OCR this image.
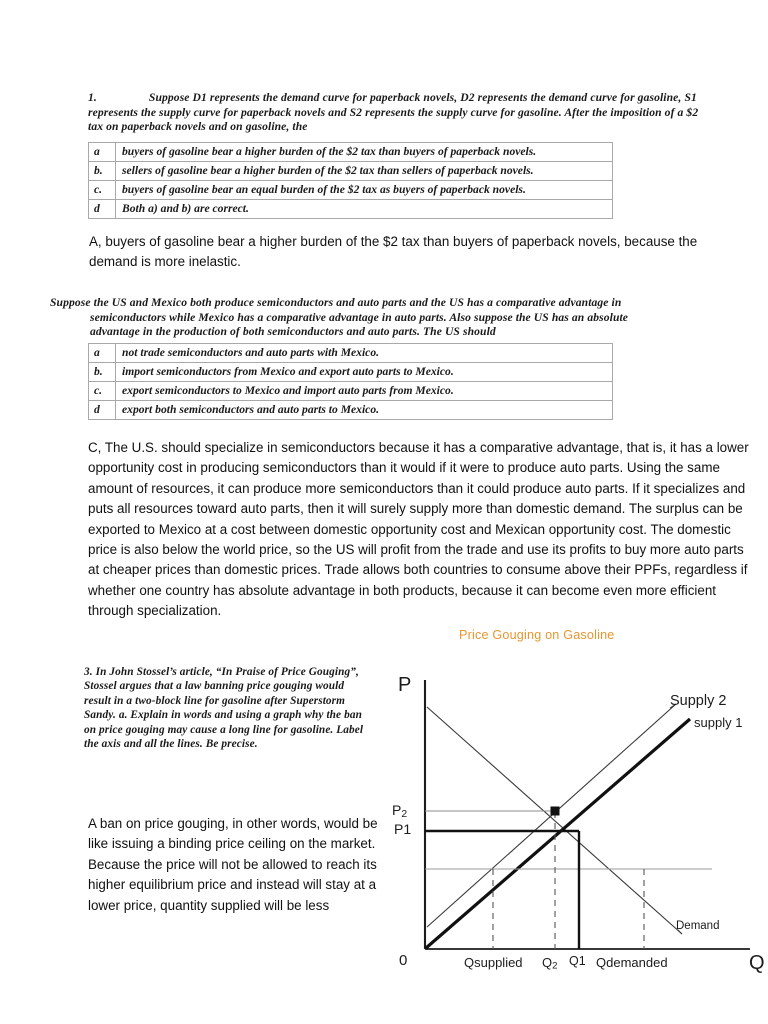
1.	Suppose D1 represents the demand curve for paperback novels, D2 represents the demand curve for gasoline, S1 represents the supply curve for paperback novels and S2 represents the supply curve for gasoline. After the imposition of a $2 tax on paperback novels and on gasoline, the
a	buyers of gasoline bear a higher burden of the $2 tax than buyers of paperback novels.
b.	sellers of gasoline bear a higher burden of the $2 tax than sellers of paperback novels.
c.	buyers of gasoline bear an equal burden of the $2 tax as buyers of paperback novels.
d	Both a) and b) are correct.
A, buyers of gasoline bear a higher burden of the $2 tax than buyers of paperback novels, because the demand is more inelastic.
Suppose the US and Mexico both produce semiconductors and auto parts and the US has a comparative advantage in
semiconductors while Mexico has a comparative advantage in auto parts. Also suppose the US has an absolute
advantage in the production of both semiconductors and auto parts. The US should
a	not trade semiconductors and auto parts with Mexico.
b.	import semiconductors from Mexico and export auto parts to Mexico.
c.	export semiconductors to Mexico and import auto parts from Mexico.
d	export both semiconductors and auto parts to Mexico.
C, The U.S. should specialize in semiconductors because it has a comparative advantage, that is, it has a lower opportunity cost in producing semiconductors than it would if it were to produce auto parts. Using the same amount of resources, it can produce more semiconductors than it could produce auto parts. If it specializes and puts all resources toward auto parts, then it will surely supply more than domestic demand. The surplus can be exported to Mexico at a cost between domestic opportunity cost and Mexican opportunity cost. The domestic price is also below the world price, so the US will profit from the trade and use its profits to buy more auto parts at cheaper prices than domestic prices. Trade allows both countries to consume above their PPFs, regardless if whether one country has absolute advantage in both products, because it can become even more efficient through specialization.
3. In John Stossel’s article, “In Praise of Price Gouging”, Stossel argues that a law banning price gouging would result in a two-block line for gasoline after Superstorm Sandy. a. Explain in words and using a graph why the ban on price gouging may cause a long line for gasoline. Label the axis and all the lines. Be precise.
A ban on price gouging, in other words, would be like issuing a binding price ceiling on the market. Because the price will not be allowed to reach its higher equilibrium price and instead will stay at a lower price, quantity supplied will be less
Price Gouging on Gasoline
P
Q
0
P2
P1
Supply 2
supply 1
Demand
Qsupplied Q2 Q1 Qdemanded
